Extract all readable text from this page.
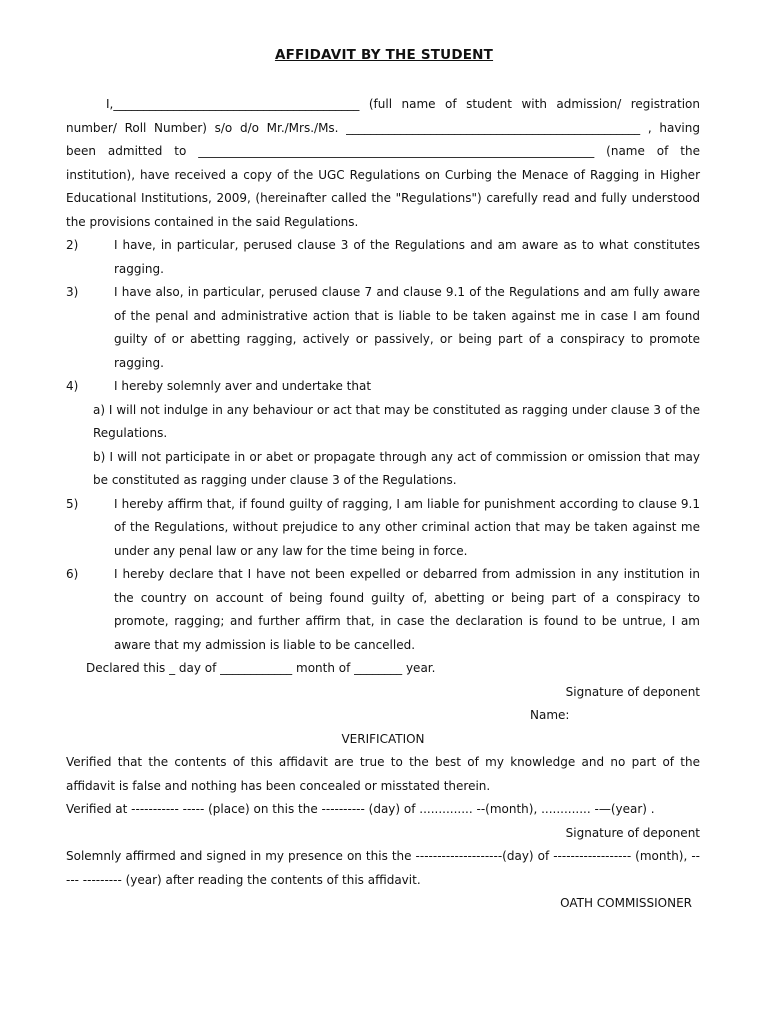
AFFIDAVIT BY THE STUDENT

I,_________________________________________ (full name of student with admission/ registration number/ Roll Number) s/o d/o Mr./Mrs./Ms. _________________________________________________ , having been admitted to __________________________________________________________________ (name of the institution), have received a copy of the UGC Regulations on Curbing the Menace of Ragging in Higher Educational Institutions, 2009, (hereinafter called the "Regulations") carefully read and fully understood the provisions contained in the said Regulations.

2)	I have, in particular, perused clause 3 of the Regulations and am aware as to what constitutes ragging.
3)	I have also, in particular, perused clause 7 and clause 9.1 of the Regulations and am fully aware of the penal and administrative action that is liable to be taken against me in case I am found guilty of or abetting ragging, actively or passively, or being part of a conspiracy to promote ragging.
4)	I hereby solemnly aver and undertake that

a) I will not indulge in any behaviour or act that may be constituted as ragging under clause 3 of the Regulations.

b) I will not participate in or abet or propagate through any act of commission or omission that may be constituted as ragging under clause 3 of the Regulations.

5)	I hereby affirm that, if found guilty of ragging, I am liable for punishment according to clause 9.1 of the Regulations, without prejudice to any other criminal action that may be taken against me under any penal law or any law for the time being in force.
6)	I hereby declare that I have not been expelled or debarred from admission in any institution in the country on account of being found guilty of, abetting or being part of a conspiracy to promote, ragging; and further affirm that, in case the declaration is found to be untrue, I am aware that my admission is liable to be cancelled.

Declared this _ day of ____________ month of ________ year.

Signature of deponent

Name:

VERIFICATION

Verified that the contents of this affidavit are true to the best of my knowledge and no part of the affidavit is false and nothing has been concealed or misstated therein.

Verified at ----------- ----- (place) on this the ---------- (day) of .............. --(month), ............. -—(year) .

Signature of deponent

Solemnly affirmed and signed in my presence on this the --------------------(day) of ------------------ (month), ----- --------- (year) after reading the contents of this affidavit.

OATH COMMISSIONER
